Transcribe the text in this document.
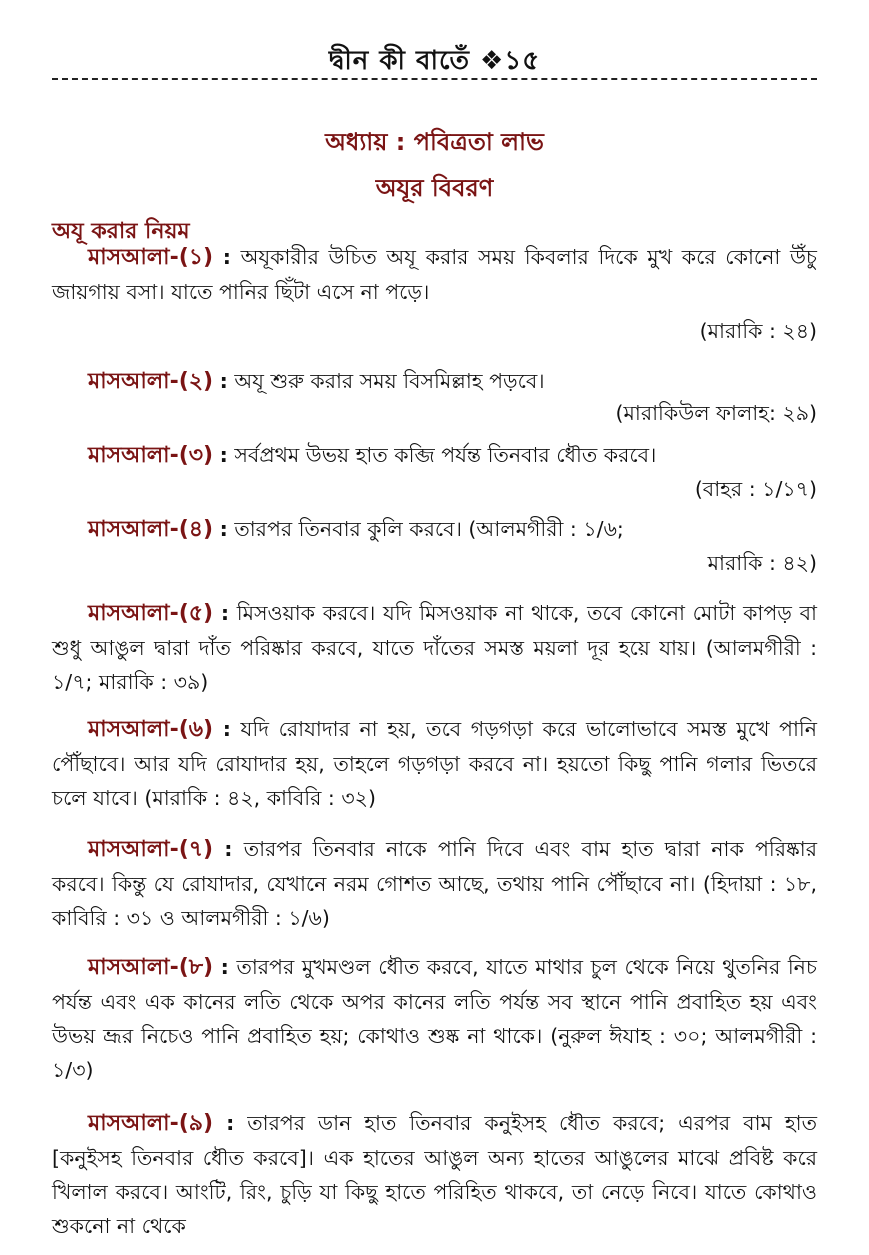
দ্বীন কী বাতেঁ ❖১৫
অধ্যায় : পবিত্রতা লাভ
অযূর বিবরণ
অযূ করার নিয়ম
মাসআলা-(১) : অযূকারীর উচিত অযূ করার সময় কিবলার দিকে মুখ করে কোনো উঁচু জায়গায় বসা। যাতে পানির ছিঁটা এসে না পড়ে।
(মারাকি : ২৪)
মাসআলা-(২) : অযূ শুরু করার সময় বিসমিল্লাহ পড়বে।
(মারাকিউল ফালাহ: ২৯)
মাসআলা-(৩) : সর্বপ্রথম উভয় হাত কব্জি পর্যন্ত তিনবার ধৌত করবে।
(বাহর : ১/১৭)
মাসআলা-(৪) : তারপর তিনবার কুলি করবে। (আলমগীরী : ১/৬;
মারাকি : ৪২)
মাসআলা-(৫) : মিসওয়াক করবে। যদি মিসওয়াক না থাকে, তবে কোনো মোটা কাপড় বা শুধু আঙুল দ্বারা দাঁত পরিষ্কার করবে, যাতে দাঁতের সমস্ত ময়লা দূর হয়ে যায়। (আলমগীরী : ১/৭; মারাকি : ৩৯)
মাসআলা-(৬) : যদি রোযাদার না হয়, তবে গড়গড়া করে ভালোভাবে সমস্ত মুখে পানি পৌঁছাবে। আর যদি রোযাদার হয়, তাহলে গড়গড়া করবে না। হয়তো কিছু পানি গলার ভিতরে চলে যাবে। (মারাকি : ৪২, কাবিরি : ৩২)
মাসআলা-(৭) : তারপর তিনবার নাকে পানি দিবে এবং বাম হাত দ্বারা নাক পরিষ্কার করবে। কিন্তু যে রোযাদার, যেখানে নরম গোশত আছে, তথায় পানি পৌঁছাবে না। (হিদায়া : ১৮, কাবিরি : ৩১ ও আলমগীরী : ১/৬)
মাসআলা-(৮) : তারপর মুখমণ্ডল ধৌত করবে, যাতে মাথার চুল থেকে নিয়ে থুতনির নিচ পর্যন্ত এবং এক কানের লতি থেকে অপর কানের লতি পর্যন্ত সব স্থানে পানি প্রবাহিত হয় এবং উভয় ভ্রূর নিচেও পানি প্রবাহিত হয়; কোথাও শুষ্ক না থাকে। (নুরুল ঈযাহ : ৩০; আলমগীরী : ১/৩)
মাসআলা-(৯) : তারপর ডান হাত তিনবার কনুইসহ ধৌত করবে; এরপর বাম হাত [কনুইসহ তিনবার ধৌত করবে]। এক হাতের আঙুল অন্য হাতের আঙুলের মাঝে প্রবিষ্ট করে খিলাল করবে। আংটি, রিং, চুড়ি যা কিছু হাতে পরিহিত থাকবে, তা নেড়ে নিবে। যাতে কোথাও শুকনো না থেকে
